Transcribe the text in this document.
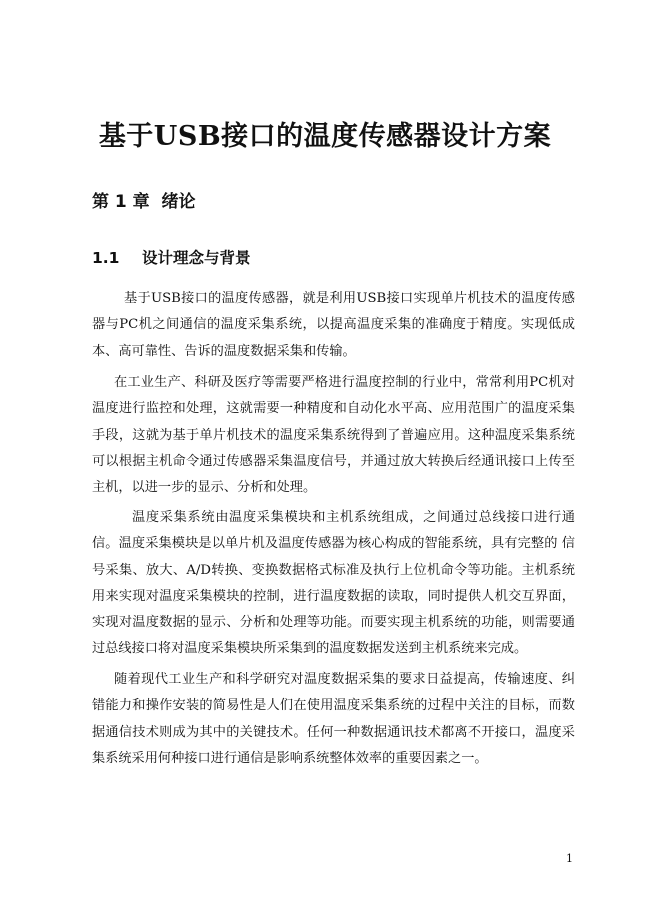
基于USB接口的温度传感器设计方案
第 1 章  绪论
1.1 设计理念与背景

基于USB接口的温度传感器，就是利用USB接口实现单片机技术的温度传感器与PC机之间通信的温度采集系统，以提高温度采集的准确度于精度。实现低成本、高可靠性、告诉的温度数据采集和传输。

在工业生产、科研及医疗等需要严格进行温度控制的行业中，常常利用PC机对温度进行监控和处理，这就需要一种精度和自动化水平高、应用范围广的温度采集手段，这就为基于单片机技术的温度采集系统得到了普遍应用。这种温度采集系统可以根据主机命令通过传感器采集温度信号，并通过放大转换后经通讯接口上传至主机，以进一步的显示、分析和处理。

温度采集系统由温度采集模块和主机系统组成，之间通过总线接口进行通信。温度采集模块是以单片机及温度传感器为核心构成的智能系统，具有完整的 信号采集、放大、A/D转换、变换数据格式标准及执行上位机命令等功能。主机系统用来实现对温度采集模块的控制，进行温度数据的读取，同时提供人机交互界面，实现对温度数据的显示、分析和处理等功能。而要实现主机系统的功能，则需要通过总线接口将对温度采集模块所采集到的温度数据发送到主机系统来完成。

随着现代工业生产和科学研究对温度数据采集的要求日益提高，传输速度、纠错能力和操作安装的简易性是人们在使用温度采集系统的过程中关注的目标，而数据通信技术则成为其中的关键技术。任何一种数据通讯技术都离不开接口，温度采集系统采用何种接口进行通信是影响系统整体效率的重要因素之一。

1
